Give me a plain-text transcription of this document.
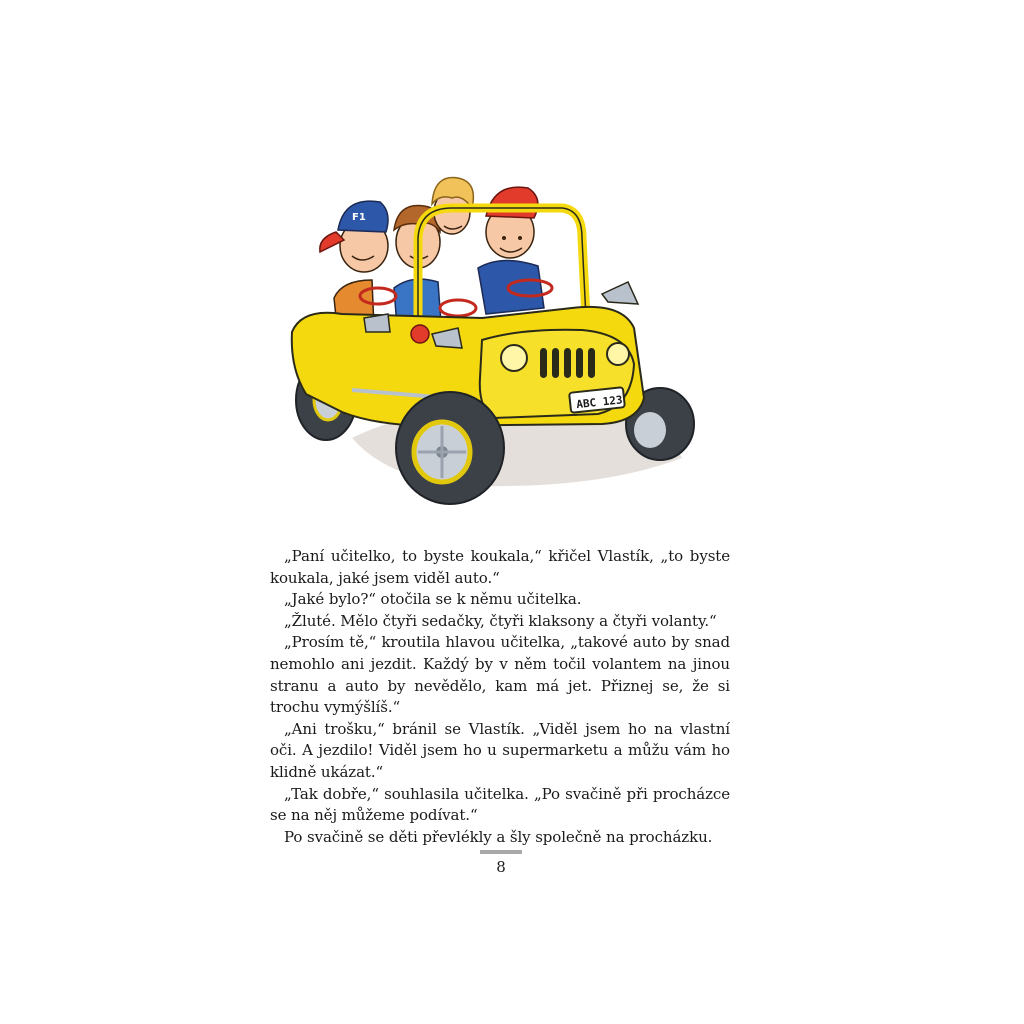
F1
ABC 123

„Paní učitelko, to byste koukala,“ křičel Vlastík, „to byste koukala, jaké jsem viděl auto.“

„Jaké bylo?“ otočila se k němu učitelka.

„Žluté. Mělo čtyři sedačky, čtyři klaksony a čtyři volanty.“

„Prosím tě,“ kroutila hlavou učitelka, „takové auto by snad nemohlo ani jezdit. Každý by v něm točil volantem na jinou stranu a auto by nevědělo, kam má jet. Přiznej se, že si trochu vymýšlíš.“

„Ani trošku,“ bránil se Vlastík. „Viděl jsem ho na vlastní oči. A jezdilo! Viděl jsem ho u supermarketu a můžu vám ho klidně ukázat.“

„Tak dobře,“ souhlasila učitelka. „Po svačině při procházce se na něj můžeme podívat.“

Po svačině se děti převlékly a šly společně na procházku.

8
